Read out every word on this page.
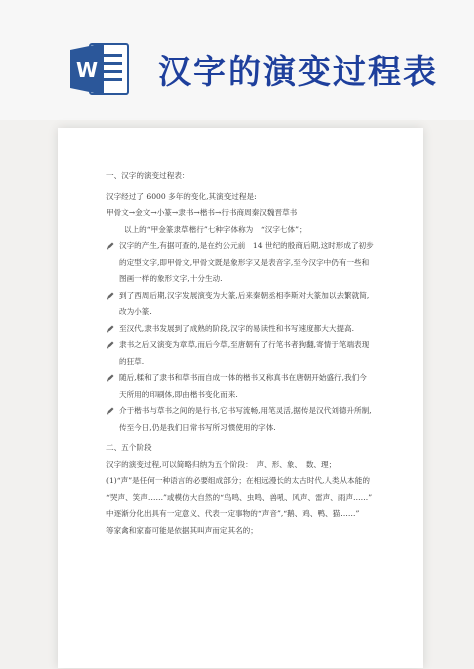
W 汉字的演变过程表
一、汉字的演变过程表：
汉字经过了 6000 多年的变化,其演变过程是:
甲骨文→金文→小篆→隶书→楷书→行书商周秦汉魏晋草书
以上的“甲金篆隶草楷行”七种字体称为　“汉字七体”；
汉字的产生,有据可查的,是在约公元前　14 世纪的殷商后期,这时形成了初步
的定型文字,即甲骨文,甲骨文既是象形字又是表音字,至今汉字中仍有一些和
图画一样的象形文字,十分生动.
到了西周后期,汉字发展演变为大篆,后来秦朝丞相李斯对大篆加以去繁就简,
改为小篆.
至汉代,隶书发展到了成熟的阶段,汉字的易读性和书写速度都大大提高.
隶书之后又演变为章草,而后今草,至唐朝有了行笔书者狗翻,寄情于笔端表现
的狂草.
随后,糅和了隶书和草书而自成一体的楷书又称真书在唐朝开始盛行,我们今
天所用的印刷体,即由楷书变化而来.
介于楷书与草书之间的是行书,它书写流畅,用笔灵活,据传是汉代刘德升所制,
传至今日,仍是我们日常书写所习惯使用的字体.
二、五个阶段
汉字的演变过程,可以简略归纳为五个阶段：　声、形、象、　数、理；
(1)“声”是任何一种语言的必要组成部分；在相远漫长的太古时代,人类从本能的
“哭声、笑声……”或模仿大自然的“鸟鸣、虫鸣、兽吼、风声、雷声、雨声……”
中逐渐分化出具有一定意义、代表一定事物的“声音”,“鹅、鸡、鸭、猫……”
等家禽和家畜可能是依据其叫声而定其名的；
